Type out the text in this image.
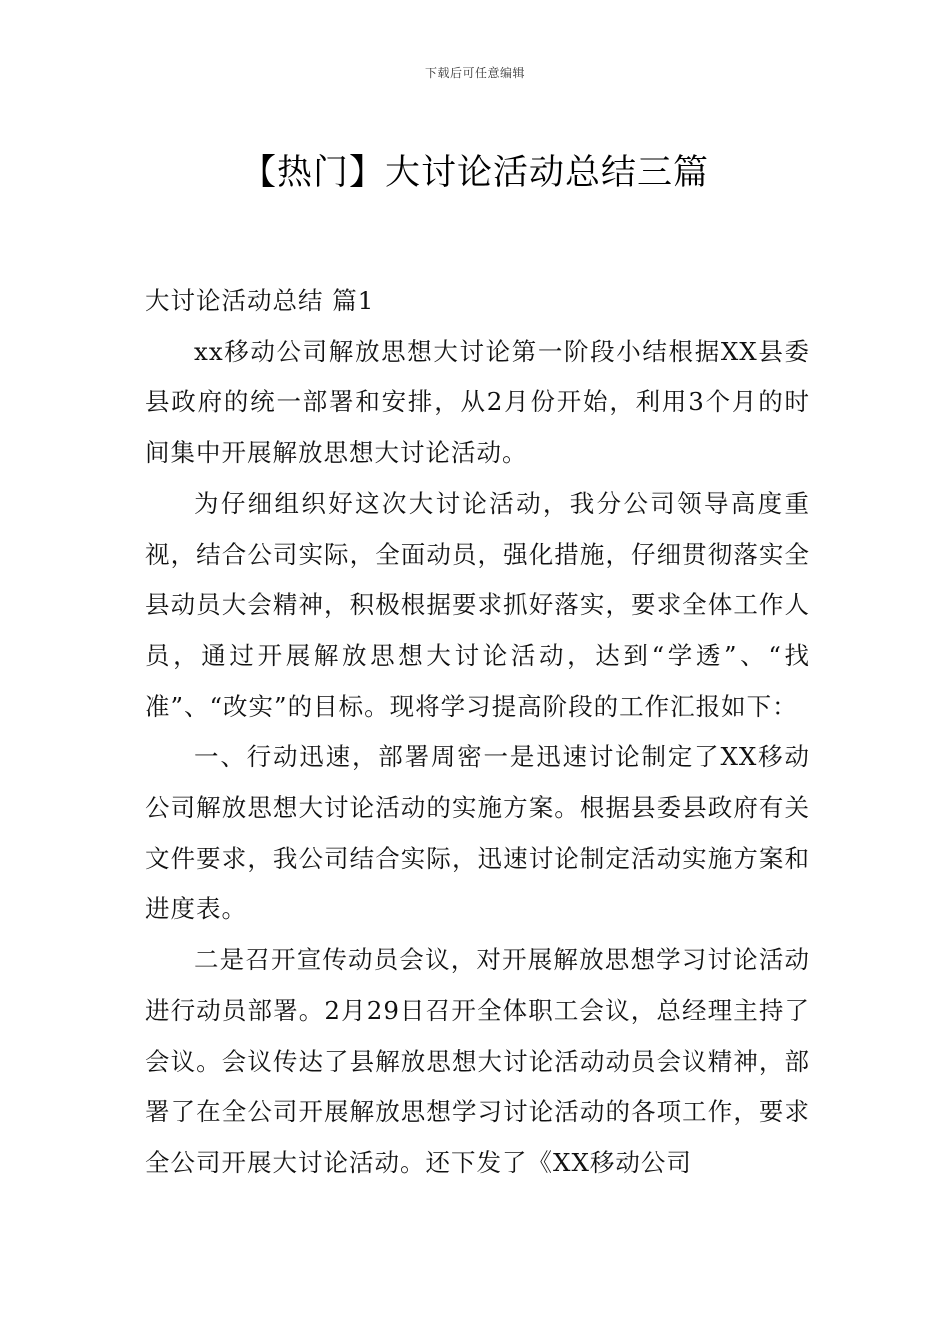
下载后可任意编辑
【热门】大讨论活动总结三篇

大讨论活动总结 篇1

xx移动公司解放思想大讨论第一阶段小结根据XX县委县政府的统一部署和安排，从2月份开始，利用3个月的时间集中开展解放思想大讨论活动。

为仔细组织好这次大讨论活动，我分公司领导高度重视，结合公司实际，全面动员，强化措施，仔细贯彻落实全县动员大会精神，积极根据要求抓好落实，要求全体工作人员，通过开展解放思想大讨论活动，达到“学透”、“找准”、“改实”的目标。现将学习提高阶段的工作汇报如下：

一、行动迅速，部署周密一是迅速讨论制定了XX移动公司解放思想大讨论活动的实施方案。根据县委县政府有关文件要求，我公司结合实际，迅速讨论制定活动实施方案和进度表。

二是召开宣传动员会议，对开展解放思想学习讨论活动进行动员部署。2月29日召开全体职工会议，总经理主持了会议。会议传达了县解放思想大讨论活动动员会议精神，部署了在全公司开展解放思想学习讨论活动的各项工作，要求全公司开展大讨论活动。还下发了《XX移动公司
